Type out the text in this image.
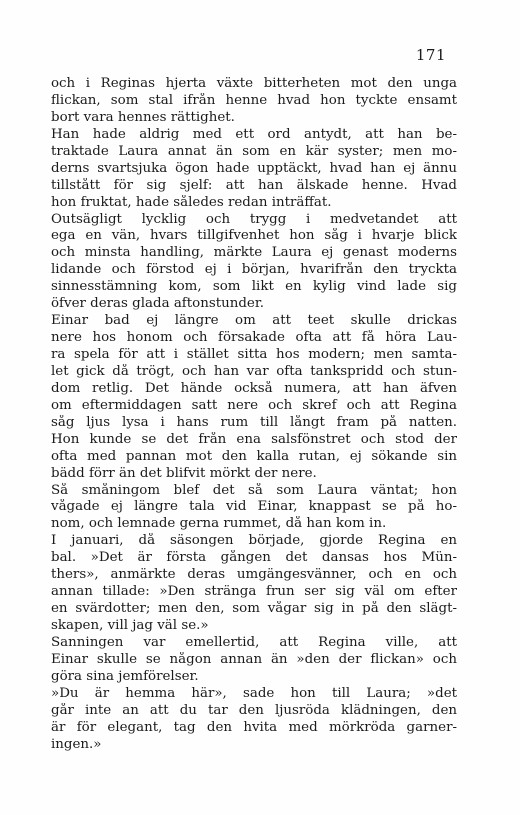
171
och i Reginas hjerta växte bitterheten mot den unga
flickan, som stal ifrån henne hvad hon tyckte ensamt
bort vara hennes rättighet.
Han hade aldrig med ett ord antydt, att han be-
traktade Laura annat än som en kär syster; men mo-
derns svartsjuka ögon hade upptäckt, hvad han ej ännu
tillstått för sig sjelf: att han älskade henne. Hvad
hon fruktat, hade således redan inträffat.
Outsägligt lycklig och trygg i medvetandet att
ega en vän, hvars tillgifvenhet hon såg i hvarje blick
och minsta handling, märkte Laura ej genast moderns
lidande och förstod ej i början, hvarifrån den tryckta
sinnesstämning kom, som likt en kylig vind lade sig
öfver deras glada aftonstunder.
Einar bad ej längre om att teet skulle drickas
nere hos honom och försakade ofta att få höra Lau-
ra spela för att i stället sitta hos modern; men samta-
let gick då trögt, och han var ofta tankspridd och stun-
dom retlig. Det hände också numera, att han äfven
om eftermiddagen satt nere och skref och att Regina
såg ljus lysa i hans rum till långt fram på natten.
Hon kunde se det från ena salsfönstret och stod der
ofta med pannan mot den kalla rutan, ej sökande sin
bädd förr än det blifvit mörkt der nere.
Så småningom blef det så som Laura väntat; hon
vågade ej längre tala vid Einar, knappast se på ho-
nom, och lemnade gerna rummet, då han kom in.
I januari, då säsongen började, gjorde Regina en
bal. »Det är första gången det dansas hos Mün-
thers», anmärkte deras umgängesvänner, och en och
annan tillade: »Den stränga frun ser sig väl om efter
en svärdotter; men den, som vågar sig in på den slägt-
skapen, vill jag väl se.»
Sanningen var emellertid, att Regina ville, att
Einar skulle se någon annan än »den der flickan» och
göra sina jemförelser.
»Du är hemma här», sade hon till Laura; »det
går inte an att du tar den ljusröda klädningen, den
är för elegant, tag den hvita med mörkröda garner-
ingen.»
